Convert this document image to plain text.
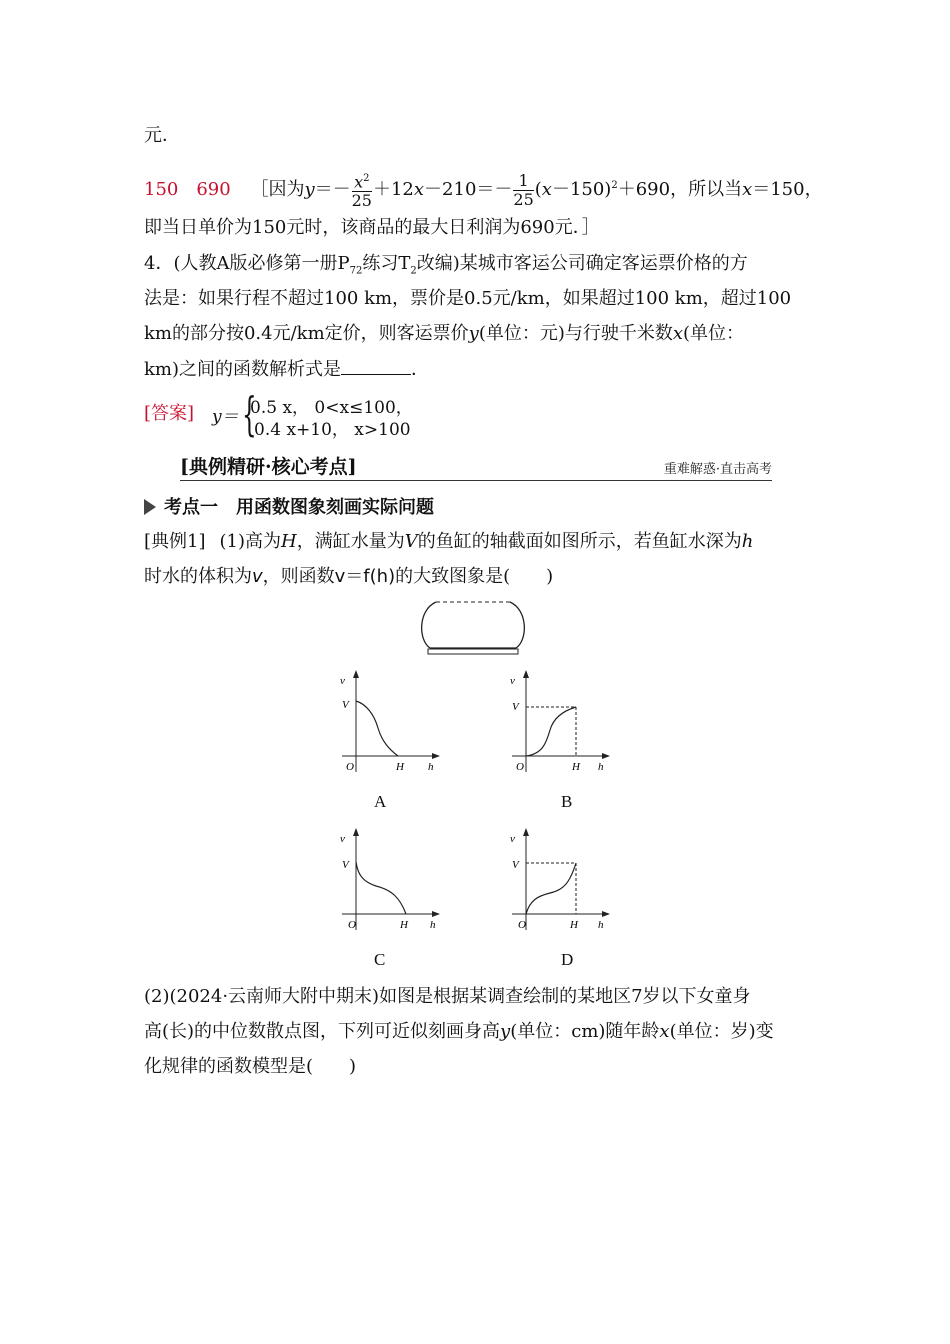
元．
150　690 ［因为$y=- \frac{x^2}{25} +12x-210=- \frac{1}{25} (x-150)^2+690$，所以当x＝150，
即当日单价为150元时，该商品的最大日利润为690元．］
4．(人教A版必修第一册$P_{72}$练习$T_2$改编)某城市客运公司确定客运票价格的方
法是：如果行程不超过100 km，票价是0.5元/km，如果超过100 km，超过100
km的部分按0.4元/km定价，则客运票价y(单位：元)与行驶千米数x(单位：
km)之间的函数解析式是	．
[答案] y＝ {
0.5 x， 0<x≤100，
0.4 x+10， x>100
[典例精研·核心考点]	重难解惑·直击高考
考点一　用函数图象刻画实际问题
[典例1] (1)高为H，满缸水量为V的鱼缸的轴截面如图所示，若鱼缸水深为h
时水的体积为v，则函数v＝f(h)的大致图象是(　　)
v
V
O	H h
A
v
V
O	H h
B
v
V
O	H h
C
v
V
O	H h
D
(2)(2024·云南师大附中期末)如图是根据某调查绘制的某地区7岁以下女童身
高(长)的中位数散点图，下列可近似刻画身高y(单位：cm)随年龄x(单位：岁)变
化规律的函数模型是(　　)
